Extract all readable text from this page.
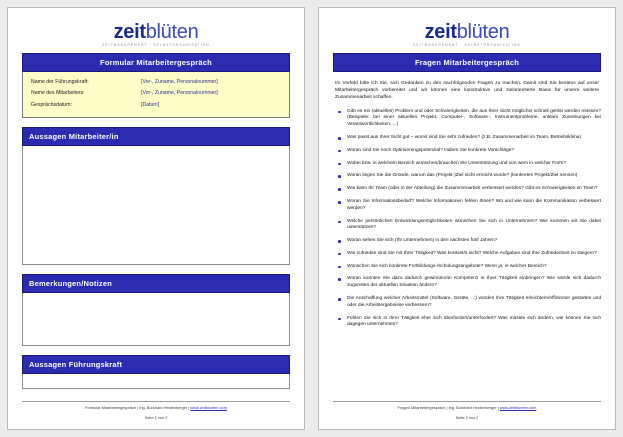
zeitblüten
ZEITMANAGEMENT · SELBSTORGANISATION
Formular Mitarbeitergespräch
Name der Führungskraft:	[Vor-, Zuname, Personalnummer]
Name des Mitarbeiters:	[Vor-, Zuname, Personalnummer]
Gesprächsdatum:	[Datum]
Aussagen Mitarbeiter/in
Bemerkungen/Notizen
Aussagen Führungskraft
Formular Mitarbeitergespräch | Ing. Burkhard Heidenberger | www.zeitblueten.com
Seite 1 von 2
zeitblüten
ZEITMANAGEMENT · SELBSTORGANISATION
Fragen Mitarbeitergespräch
Im Vorfeld bitte ich Sie, sich Gedanken zu den nachfolgenden Fragen zu machen. Damit sind Sie bestens auf unser Mitarbeitergespräch vorbereitet und wir können eine konstruktive und zielorientierte Basis für unsere weitere Zusammenarbeit schaffen.
Gibt es ein (aktuelles) Problem und oder Schwierigkeiten, die aus Ihrer Sicht möglichst schnell gelöst werden müssen? (Beispiele: bei einer aktuellen Projekt, Computer-, Software-, Instrumentprobleme, unklare Zuordnungen bei Verantwortlichkeiten, ...)
Was passt aus Ihrer Sicht gut – womit sind Sie sehr zufrieden? (z.B. Zusammenarbeit im Team, Betriebsklima)
Woran sind Sie noch Optimierungspotenzial? Haben Sie konkrete Vorschläge?
Wobei bzw. in welchem Bereich wünschen/brauchen Sie Unterstützung und von wem in welcher Form?
Woran liegen Sie die Gründe, warum das (Projekt-)Ziel nicht erreicht wurde? (konkretes Projekt/Ziel nennen)
Wie kann Ihr Team (oder in der Abteilung) die Zusammenarbeit verbessert werden? Gibt es Schwierigkeiten im Team?
Woran Sie Informationsbedarf? Welche Informationen fehlen Ihnen? Wo und wie kann die Kommunikation verbessert werden?
Welche persönlichen Entwicklungsmöglichkeiten wünschen Sie sich in Unternehmen? Wie kommen wir Sie dabei unterstützen?
Woran sehen Sie sich (Ihr Unternehmen) in den nächsten fünf Jahren?
Wie zufrieden sind Sie mit Ihrer Tätigkeit? Was konkret/s nicht? Welche Aufgaben sind Ihre Zufriedenheit zu steigern?
Wünschen Sie sich konkrete Fortbildungs-/Schulungsangebote? Wenn ja, in welcher Bereich?
Woran konnten Sie dazu dadurch gewinnen/an Kompetenz in Ihrer Tätigkeit einbringen? Wie würde sich dadurch zugunsten der aktuellen Situation ändern?
Die Anschaffung welcher Arbeitsmittel (Software, Geräte, ...) würden Ihre Tätigkeit erleichtern/effizienter gestalten und oder die Arbeitsergebnisse verbessern?
Fühlen Sie sich in Ihrer Tätigkeit eher sich überfordert/unterfordert? Was müsste sich ändern, wie können Sie sich dagegen unternehmen?
Fragen Mitarbeitergespräch | Ing. Burkhard Heidenberger | www.zeitblueten.com
Seite 2 von 2
